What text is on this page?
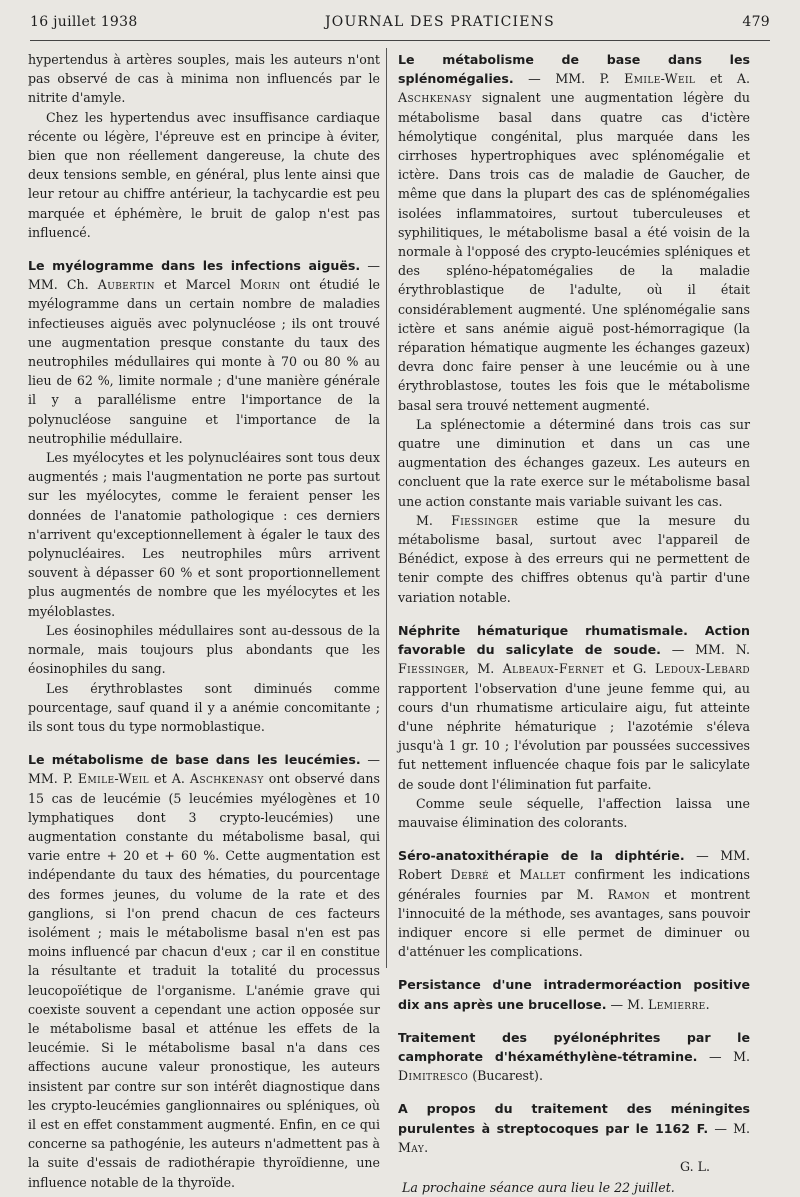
16 juillet 1938	JOURNAL DES PRATICIENS	479

hypertendus à artères souples, mais les auteurs n'ont pas observé de cas à minima non influencés par le nitrite d'amyle.

Chez les hypertendus avec insuffisance cardiaque récente ou légère, l'épreuve est en principe à éviter, bien que non réellement dangereuse, la chute des deux tensions semble, en général, plus lente ainsi que leur retour au chiffre antérieur, la tachycardie est peu marquée et éphémère, le bruit de galop n'est pas influencé.

Le myélogramme dans les infections aiguës. — MM. Ch. Aubertin et Marcel Morin ont étudié le myélogramme dans un certain nombre de maladies infectieuses aiguës avec polynucléose ; ils ont trouvé une augmentation presque constante du taux des neutrophiles médullaires qui monte à 70 ou 80 % au lieu de 62 %, limite normale ; d'une manière générale il y a parallélisme entre l'importance de la polynucléose sanguine et l'importance de la neutrophilie médullaire.

Les myélocytes et les polynucléaires sont tous deux augmentés ; mais l'augmentation ne porte pas surtout sur les myélocytes, comme le feraient penser les données de l'anatomie pathologique : ces derniers n'arrivent qu'exceptionnellement à égaler le taux des polynucléaires. Les neutrophiles mûrs arrivent souvent à dépasser 60 % et sont proportionnellement plus augmentés de nombre que les myélocytes et les myéloblastes.

Les éosinophiles médullaires sont au-dessous de la normale, mais toujours plus abondants que les éosinophiles du sang.

Les érythroblastes sont diminués comme pourcentage, sauf quand il y a anémie concomitante ; ils sont tous du type normoblastique.

Le métabolisme de base dans les leucémies. — MM. P. Emile-Weil et A. Aschkenasy ont observé dans 15 cas de leucémie (5 leucémies myélogènes et 10 lymphatiques dont 3 crypto-leucémies) une augmentation constante du métabolisme basal, qui varie entre + 20 et + 60 %. Cette augmentation est indépendante du taux des hématies, du pourcentage des formes jeunes, du volume de la rate et des ganglions, si l'on prend chacun de ces facteurs isolément ; mais le métabolisme basal n'en est pas moins influencé par chacun d'eux ; car il en constitue la résultante et traduit la totalité du processus leucopoïétique de l'organisme. L'anémie grave qui coexiste souvent a cependant une action opposée sur le métabolisme basal et atténue les effets de la leucémie. Si le métabolisme basal n'a dans ces affections aucune valeur pronostique, les auteurs insistent par contre sur son intérêt diagnostique dans les crypto-leucémies ganglionnaires ou spléniques, où il est en effet constamment augmenté. Enfin, en ce qui concerne sa pathogénie, les auteurs n'admettent pas à la suite d'essais de radiothérapie thyroïdienne, une influence notable de la thyroïde.

Le métabolisme de base dans les splénomégalies. — MM. P. Emile-Weil et A. Aschkenasy signalent une augmentation légère du métabolisme basal dans quatre cas d'ictère hémolytique congénital, plus marquée dans les cirrhoses hypertrophiques avec splénomégalie et ictère. Dans trois cas de maladie de Gaucher, de même que dans la plupart des cas de splénomégalies isolées inflammatoires, surtout tuberculeuses et syphilitiques, le métabolisme basal a été voisin de la normale à l'opposé des crypto-leucémies spléniques et des spléno-hépatomégalies de la maladie érythroblastique de l'adulte, où il était considérablement augmenté. Une splénomégalie sans ictère et sans anémie aiguë post-hémorragique (la réparation hématique augmente les échanges gazeux) devra donc faire penser à une leucémie ou à une érythroblastose, toutes les fois que le métabolisme basal sera trouvé nettement augmenté.

La splénectomie a déterminé dans trois cas sur quatre une diminution et dans un cas une augmentation des échanges gazeux. Les auteurs en concluent que la rate exerce sur le métabolisme basal une action constante mais variable suivant les cas.

M. Fiessinger estime que la mesure du métabolisme basal, surtout avec l'appareil de Bénédict, expose à des erreurs qui ne permettent de tenir compte des chiffres obtenus qu'à partir d'une variation notable.

Néphrite hématurique rhumatismale. Action favorable du salicylate de soude. — MM. N. Fiessinger, M. Albeaux-Fernet et G. Ledoux-Lebard rapportent l'observation d'une jeune femme qui, au cours d'un rhumatisme articulaire aigu, fut atteinte d'une néphrite hématurique ; l'azotémie s'éleva jusqu'à 1 gr. 10 ; l'évolution par poussées successives fut nettement influencée chaque fois par le salicylate de soude dont l'élimination fut parfaite.

Comme seule séquelle, l'affection laissa une mauvaise élimination des colorants.

Séro-anatoxithérapie de la diphtérie. — MM. Robert Debré et Mallet confirment les indications générales fournies par M. Ramon et montrent l'innocuité de la méthode, ses avantages, sans pouvoir indiquer encore si elle permet de diminuer ou d'atténuer les complications.

Persistance d'une intradermoréaction positive dix ans après une brucellose. — M. Lemierre.

Traitement des pyélonéphrites par le camphorate d'héxaméthylène-tétramine. — M. Dimitresco (Bucarest).

A propos du traitement des méningites purulentes à streptocoques par le 1162 F. — M. May.

G. L.

La prochaine séance aura lieu le 22 juillet.
